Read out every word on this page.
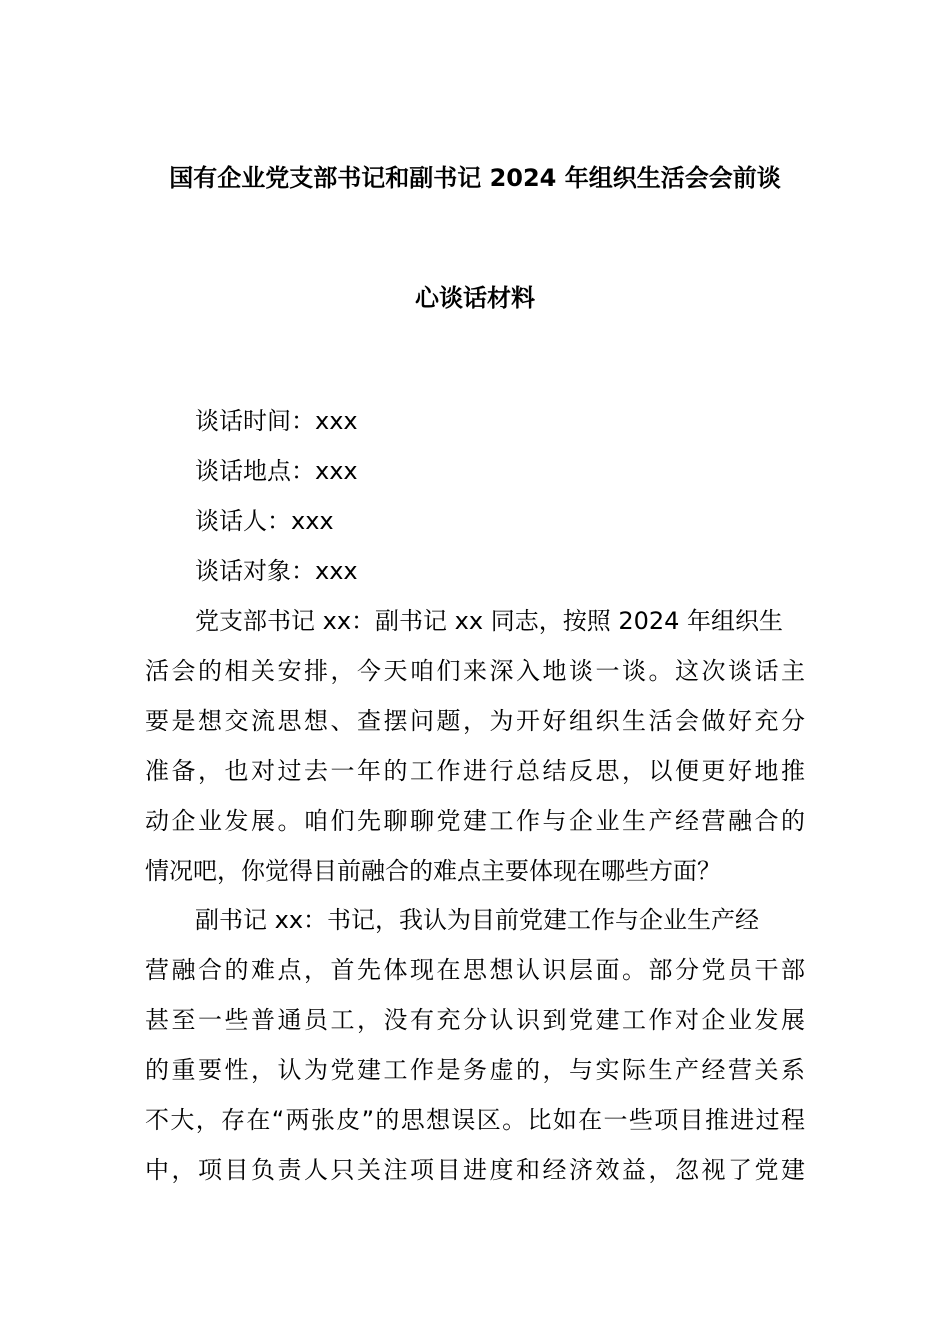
国有企业党支部书记和副书记 2024 年组织生活会会前谈
心谈话材料
谈话时间：xxx
谈话地点：xxx
谈话人：xxx
谈话对象：xxx
党支部书记 xx：副书记 xx 同志，按照 2024 年组织生
活会的相关安排，今天咱们来深入地谈一谈。这次谈话主
要是想交流思想、查摆问题，为开好组织生活会做好充分
准备，也对过去一年的工作进行总结反思，以便更好地推
动企业发展。咱们先聊聊党建工作与企业生产经营融合的
情况吧，你觉得目前融合的难点主要体现在哪些方面？
副书记 xx：书记，我认为目前党建工作与企业生产经
营融合的难点，首先体现在思想认识层面。部分党员干部
甚至一些普通员工，没有充分认识到党建工作对企业发展
的重要性，认为党建工作是务虚的，与实际生产经营关系
不大，存在“两张皮”的思想误区。比如在一些项目推进过程
中，项目负责人只关注项目进度和经济效益，忽视了党建
